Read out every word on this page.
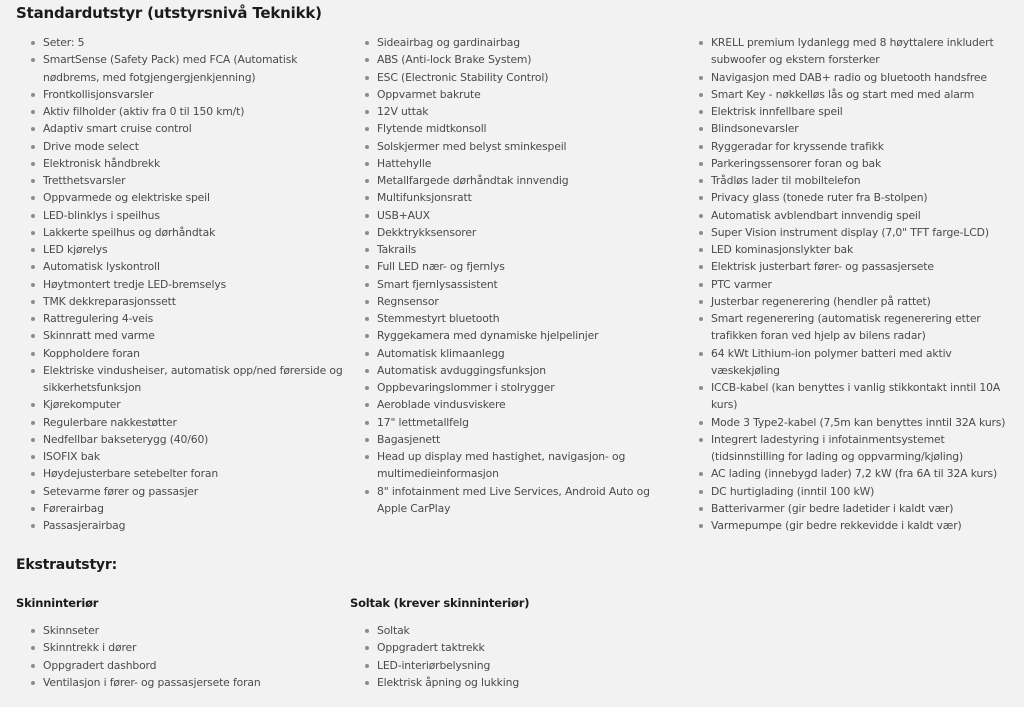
Standardutstyr (utstyrsnivå Teknikk)
Seter: 5
SmartSense (Safety Pack) med FCA (Automatisk nødbrems, med fotgjengergjenkjenning)
Frontkollisjonsvarsler
Aktiv filholder (aktiv fra 0 til 150 km/t)
Adaptiv smart cruise control
Drive mode select
Elektronisk håndbrekk
Tretthetsvarsler
Oppvarmede og elektriske speil
LED-blinklys i speilhus
Lakkerte speilhus og dørhåndtak
LED kjørelys
Automatisk lyskontroll
Høytmontert tredje LED-bremselys
TMK dekkreparasjonssett
Rattregulering 4-veis
Skinnratt med varme
Koppholdere foran
Elektriske vindusheiser, automatisk opp/ned førerside og sikkerhetsfunksjon
Kjørekomputer
Regulerbare nakkestøtter
Nedfellbar bakseterygg (40/60)
ISOFIX bak
Høydejusterbare setebelter foran
Setevarme fører og passasjer
Førerairbag
Passasjerairbag
Sideairbag og gardinairbag
ABS (Anti-lock Brake System)
ESC (Electronic Stability Control)
Oppvarmet bakrute
12V uttak
Flytende midtkonsoll
Solskjermer med belyst sminkespeil
Hattehylle
Metallfargede dørhåndtak innvendig
Multifunksjonsratt
USB+AUX
Dekktrykksensorer
Takrails
Full LED nær- og fjernlys
Smart fjernlysassistent
Regnsensor
Stemmestyrt bluetooth
Ryggekamera med dynamiske hjelpelinjer
Automatisk klimaanlegg
Automatisk avduggingsfunksjon
Oppbevaringslommer i stolrygger
Aeroblade vindusviskere
17" lettmetallfelg
Bagasjenett
Head up display med hastighet, navigasjon- og multimedieinformasjon
8" infotainment med Live Services, Android Auto og Apple CarPlay
KRELL premium lydanlegg med 8 høyttalere inkludert subwoofer og ekstern forsterker
Navigasjon med DAB+ radio og bluetooth handsfree
Smart Key - nøkkelløs lås og start med med alarm
Elektrisk innfellbare speil
Blindsonevarsler
Ryggeradar for kryssende trafikk
Parkeringssensorer foran og bak
Trådløs lader til mobiltelefon
Privacy glass (tonede ruter fra B-stolpen)
Automatisk avblendbart innvendig speil
Super Vision instrument display (7,0" TFT farge-LCD)
LED kominasjonslykter bak
Elektrisk justerbart fører- og passasjersete
PTC varmer
Justerbar regenerering (hendler på rattet)
Smart regenerering (automatisk regenerering etter trafikken foran ved hjelp av bilens radar)
64 kWt Lithium-ion polymer batteri med aktiv væskekjøling
ICCB-kabel (kan benyttes i vanlig stikkontakt inntil 10A kurs)
Mode 3 Type2-kabel (7,5m kan benyttes inntil 32A kurs)
Integrert ladestyring i infotainmentsystemet (tidsinnstilling for lading og oppvarming/kjøling)
AC lading (innebygd lader) 7,2 kW (fra 6A til 32A kurs)
DC hurtiglading (inntil 100 kW)
Batterivarmer (gir bedre ladetider i kaldt vær)
Varmepumpe (gir bedre rekkevidde i kaldt vær)
Ekstrautstyr:
Skinninteriør
Skinnseter
Skinntrekk i dører
Oppgradert dashbord
Ventilasjon i fører- og passasjersete foran
Soltak (krever skinninteriør)
Soltak
Oppgradert taktrekk
LED-interiørbelysning
Elektrisk åpning og lukking
